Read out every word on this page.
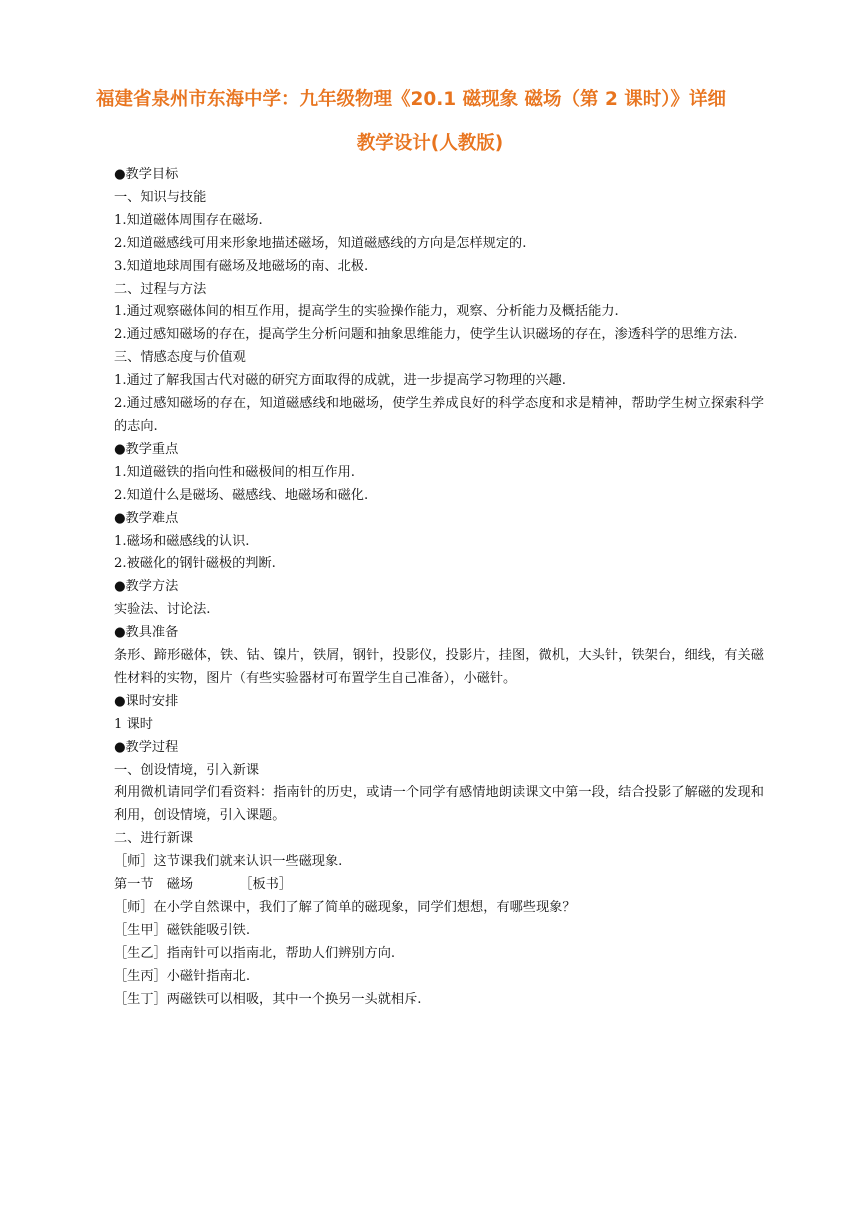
福建省泉州市东海中学：九年级物理《20.1 磁现象 磁场（第 2 课时）》详细
教学设计(人教版)

●教学目标

一、知识与技能

1.知道磁体周围存在磁场.

2.知道磁感线可用来形象地描述磁场，知道磁感线的方向是怎样规定的.

3.知道地球周围有磁场及地磁场的南、北极.

二、过程与方法

1.通过观察磁体间的相互作用，提高学生的实验操作能力，观察、分析能力及概括能力.

2.通过感知磁场的存在，提高学生分析问题和抽象思维能力，使学生认识磁场的存在，渗透科学的思维方法.

三、情感态度与价值观

1.通过了解我国古代对磁的研究方面取得的成就，进一步提高学习物理的兴趣.

2.通过感知磁场的存在，知道磁感线和地磁场，使学生养成良好的科学态度和求是精神，帮助学生树立探索科学的志向.

●教学重点

1.知道磁铁的指向性和磁极间的相互作用.

2.知道什么是磁场、磁感线、地磁场和磁化.

●教学难点

1.磁场和磁感线的认识.

2.被磁化的钢针磁极的判断.

●教学方法

实验法、讨论法.

●教具准备

条形、蹄形磁体，铁、钴、镍片，铁屑，钢针，投影仪，投影片，挂图，微机，大头针，铁架台，细线，有关磁性材料的实物，图片（有些实验器材可布置学生自己准备），小磁针。

●课时安排

1 课时

●教学过程

一、创设情境，引入新课

利用微机请同学们看资料：指南针的历史，或请一个同学有感情地朗读课文中第一段，结合投影了解磁的发现和利用，创设情境，引入课题。

二、进行新课

［师］这节课我们就来认识一些磁现象.

第一节　磁场　　　　［板书］

［师］在小学自然课中，我们了解了简单的磁现象，同学们想想，有哪些现象？

［生甲］磁铁能吸引铁.

［生乙］指南针可以指南北，帮助人们辨别方向.

［生丙］小磁针指南北.

［生丁］两磁铁可以相吸，其中一个换另一头就相斥.
